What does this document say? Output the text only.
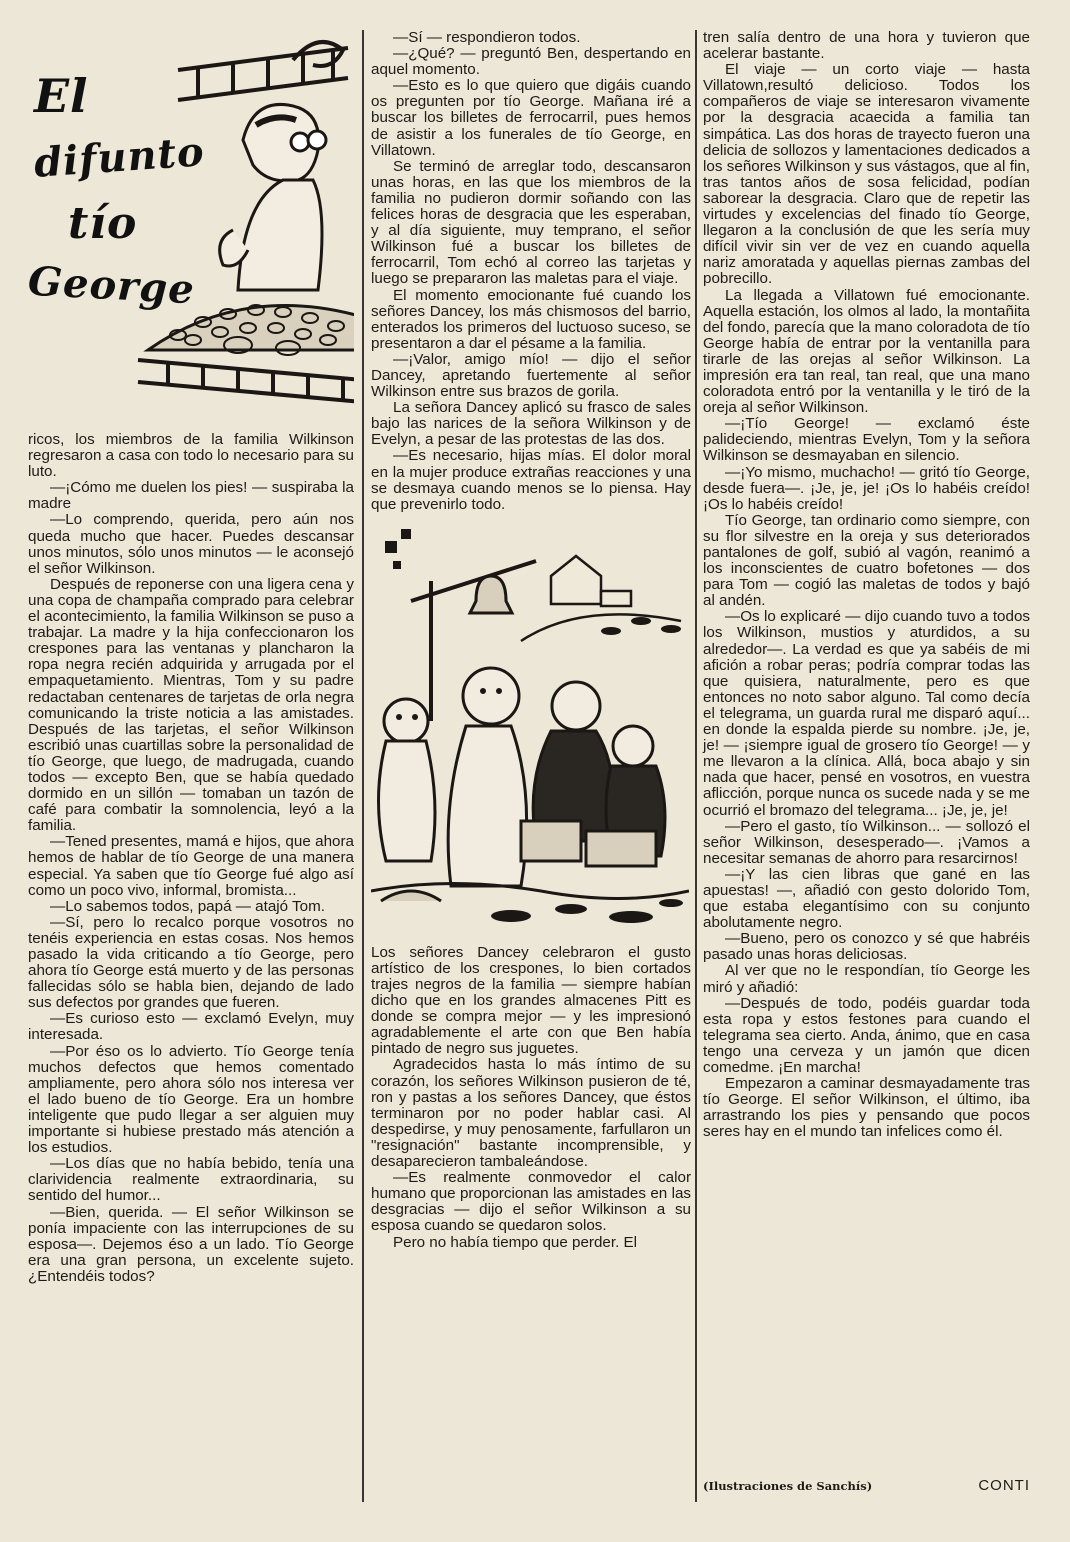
El
difunto
tío
George

ricos, los miembros de la familia Wilkinson regresaron a casa con todo lo necesario para su luto.

—¡Cómo me duelen los pies! — suspiraba la madre

—Lo comprendo, querida, pero aún nos queda mucho que hacer. Puedes descansar unos minutos, sólo unos minutos — le aconsejó el señor Wilkinson.

Después de reponerse con una ligera cena y una copa de champaña comprado para celebrar el acontecimiento, la familia Wilkinson se puso a trabajar. La madre y la hija confeccionaron los crespones para las ventanas y plancharon la ropa negra recién adquirida y arrugada por el empaquetamiento. Mientras, Tom y su padre redactaban centenares de tarjetas de orla negra comunicando la triste noticia a las amistades. Después de las tarjetas, el señor Wilkinson escribió unas cuartillas sobre la personalidad de tío George, que luego, de madrugada, cuando todos — excepto Ben, que se había quedado dormido en un sillón — tomaban un tazón de café para combatir la somnolencia, leyó a la familia.

—Tened presentes, mamá e hijos, que ahora hemos de hablar de tío George de una manera especial. Ya saben que tío George fué algo así como un poco vivo, informal, bromista...

—Lo sabemos todos, papá — atajó Tom.

—Sí, pero lo recalco porque vosotros no tenéis experiencia en estas cosas. Nos hemos pasado la vida criticando a tío George, pero ahora tío George está muerto y de las personas fallecidas sólo se habla bien, dejando de lado sus defectos por grandes que fueren.

—Es curioso esto — exclamó Evelyn, muy interesada.

—Por éso os lo advierto. Tío George tenía muchos defectos que hemos comentado ampliamente, pero ahora sólo nos interesa ver el lado bueno de tío George. Era un hombre inteligente que pudo llegar a ser alguien muy importante si hubiese prestado más atención a los estudios.

—Los días que no había bebido, tenía una clarividencia realmente extraordinaria, su sentido del humor...

—Bien, querida. — El señor Wilkinson se ponía impaciente con las interrupciones de su esposa—. Dejemos éso a un lado. Tío George era una gran persona, un excelente sujeto. ¿Entendéis todos?

—Sí — respondieron todos.

—¿Qué? — preguntó Ben, despertando en aquel momento.

—Esto es lo que quiero que digáis cuando os pregunten por tío George. Mañana iré a buscar los billetes de ferrocarril, pues hemos de asistir a los funerales de tío George, en Villatown.

Se terminó de arreglar todo, descansaron unas horas, en las que los miembros de la familia no pudieron dormir soñando con las felices horas de desgracia que les esperaban, y al día siguiente, muy temprano, el señor Wilkinson fué a buscar los billetes de ferrocarril, Tom echó al correo las tarjetas y luego se prepararon las maletas para el viaje.

El momento emocionante fué cuando los señores Dancey, los más chismosos del barrio, enterados los primeros del luctuoso suceso, se presentaron a dar el pésame a la familia.

—¡Valor, amigo mío! — dijo el señor Dancey, apretando fuertemente al señor Wilkinson entre sus brazos de gorila.

La señora Dancey aplicó su frasco de sales bajo las narices de la señora Wilkinson y de Evelyn, a pesar de las protestas de las dos.

—Es necesario, hijas mías. El dolor moral en la mujer produce extrañas reacciones y una se desmaya cuando menos se lo piensa. Hay que prevenirlo todo.

Los señores Dancey celebraron el gusto artístico de los crespones, lo bien cortados trajes negros de la familia — siempre habían dicho que en los grandes almacenes Pitt es donde se compra mejor — y les impresionó agradablemente el arte con que Ben había pintado de negro sus juguetes.

Agradecidos hasta lo más íntimo de su corazón, los señores Wilkinson pusieron de té, ron y pastas a los señores Dancey, que éstos terminaron por no poder hablar casi. Al despedirse, y muy penosamente, farfullaron un "resignación" bastante incomprensible, y desaparecieron tambaleándose.

—Es realmente conmovedor el calor humano que proporcionan las amistades en las desgracias — dijo el señor Wilkinson a su esposa cuando se quedaron solos.

Pero no había tiempo que perder. El

tren salía dentro de una hora y tuvieron que acelerar bastante.

El viaje — un corto viaje — hasta Villatown,resultó delicioso. Todos los compañeros de viaje se interesaron vivamente por la desgracia acaecida a familia tan simpática. Las dos horas de trayecto fueron una delicia de sollozos y lamentaciones dedicados a los señores Wilkinson y sus vástagos, que al fin, tras tantos años de sosa felicidad, podían saborear la desgracia. Claro que de repetir las virtudes y excelencias del finado tío George, llegaron a la conclusión de que les sería muy difícil vivir sin ver de vez en cuando aquella nariz amoratada y aquellas piernas zambas del pobrecillo.

La llegada a Villatown fué emocionante. Aquella estación, los olmos al lado, la montañita del fondo, parecía que la mano coloradota de tío George había de entrar por la ventanilla para tirarle de las orejas al señor Wilkinson. La impresión era tan real, tan real, que una mano coloradota entró por la ventanilla y le tiró de la oreja al señor Wilkinson.

—¡Tío George! — exclamó éste palideciendo, mientras Evelyn, Tom y la señora Wilkinson se desmayaban en silencio.

—¡Yo mismo, muchacho! — gritó tío George, desde fuera—. ¡Je, je, je! ¡Os lo habéis creído! ¡Os lo habéis creído!

Tío George, tan ordinario como siempre, con su flor silvestre en la oreja y sus deteriorados pantalones de golf, subió al vagón, reanimó a los inconscientes de cuatro bofetones — dos para Tom — cogió las maletas de todos y bajó al andén.

—Os lo explicaré — dijo cuando tuvo a todos los Wilkinson, mustios y aturdidos, a su alrededor—. La verdad es que ya sabéis de mi afición a robar peras; podría comprar todas las que quisiera, naturalmente, pero es que entonces no noto sabor alguno. Tal como decía el telegrama, un guarda rural me disparó aquí... en donde la espalda pierde su nombre. ¡Je, je, je! — ¡siempre igual de grosero tío George! — y me llevaron a la clínica. Allá, boca abajo y sin nada que hacer, pensé en vosotros, en vuestra aflicción, porque nunca os sucede nada y se me ocurrió el bromazo del telegrama... ¡Je, je, je!

—Pero el gasto, tío Wilkinson... — sollozó el señor Wilkinson, desesperado—. ¡Vamos a necesitar semanas de ahorro para resarcirnos!

—¡Y las cien libras que gané en las apuestas! —, añadió con gesto dolorido Tom, que estaba elegantísimo con su conjunto abolutamente negro.

—Bueno, pero os conozco y sé que habréis pasado unas horas deliciosas.

Al ver que no le respondían, tío George les miró y añadió:

—Después de todo, podéis guardar toda esta ropa y estos festones para cuando el telegrama sea cierto. Anda, ánimo, que en casa tengo una cerveza y un jamón que dicen comedme. ¡En marcha!

Empezaron a caminar desmayadamente tras tío George. El señor Wilkinson, el último, iba arrastrando los pies y pensando que pocos seres hay en el mundo tan infelices como él.

(Ilustraciones de Sanchís)	CONTI
